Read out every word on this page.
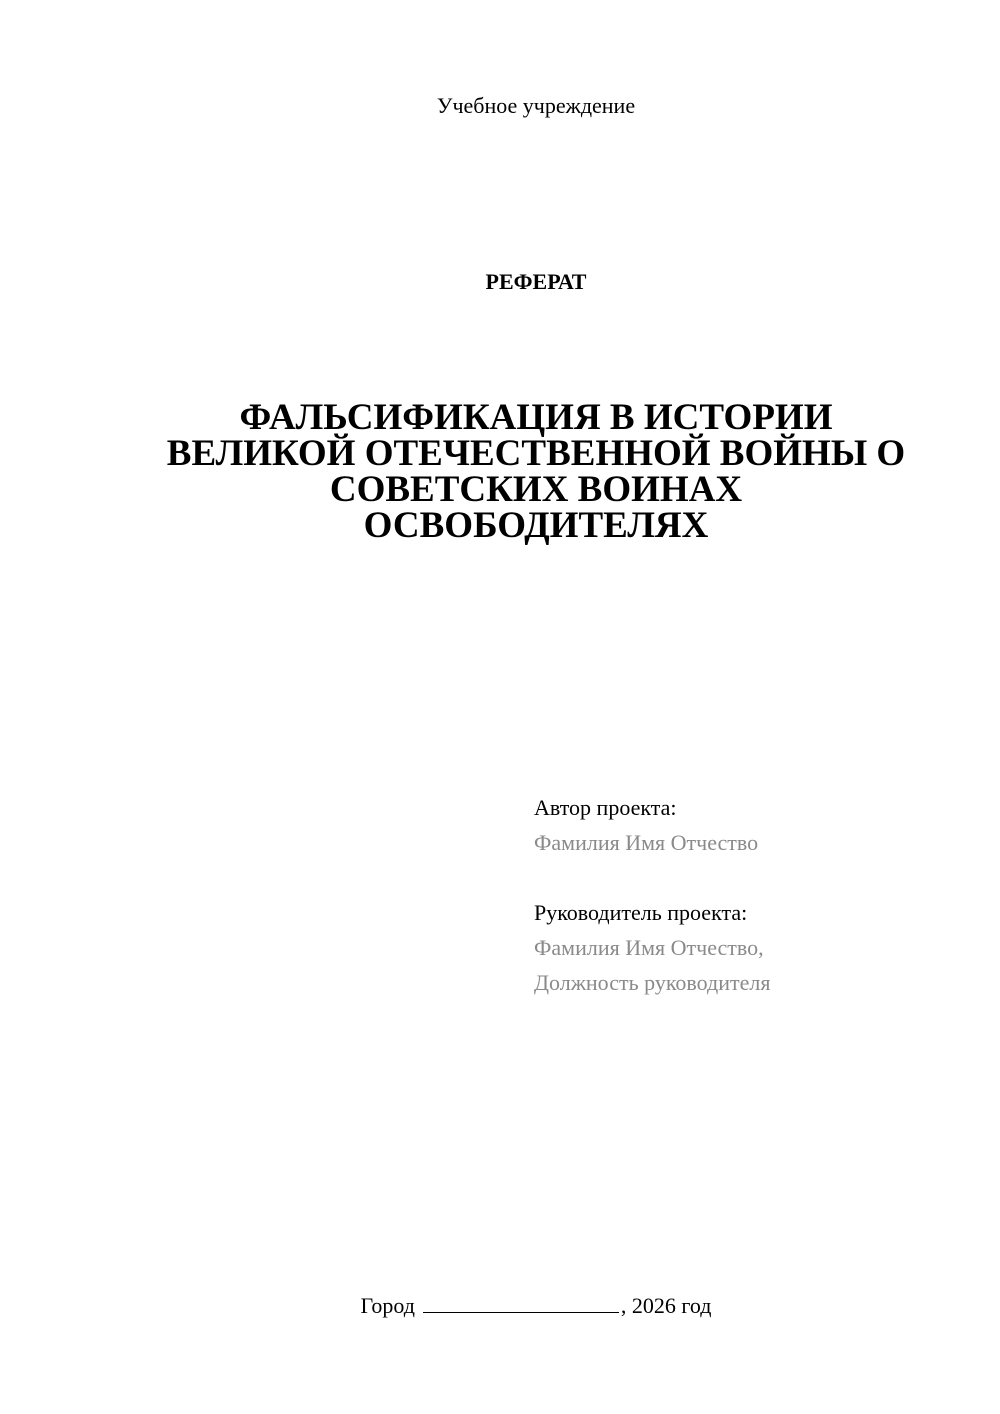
Учебное учреждение
РЕФЕРАТ
ФАЛЬСИФИКАЦИЯ В ИСТОРИИ
ВЕЛИКОЙ ОТЕЧЕСТВЕННОЙ ВОЙНЫ О
СОВЕТСКИХ ВОИНАХ
ОСВОБОДИТЕЛЯХ
Автор проекта:
Фамилия Имя Отчество
Руководитель проекта:
Фамилия Имя Отчество,
Должность руководителя
Город	, 2026 год
